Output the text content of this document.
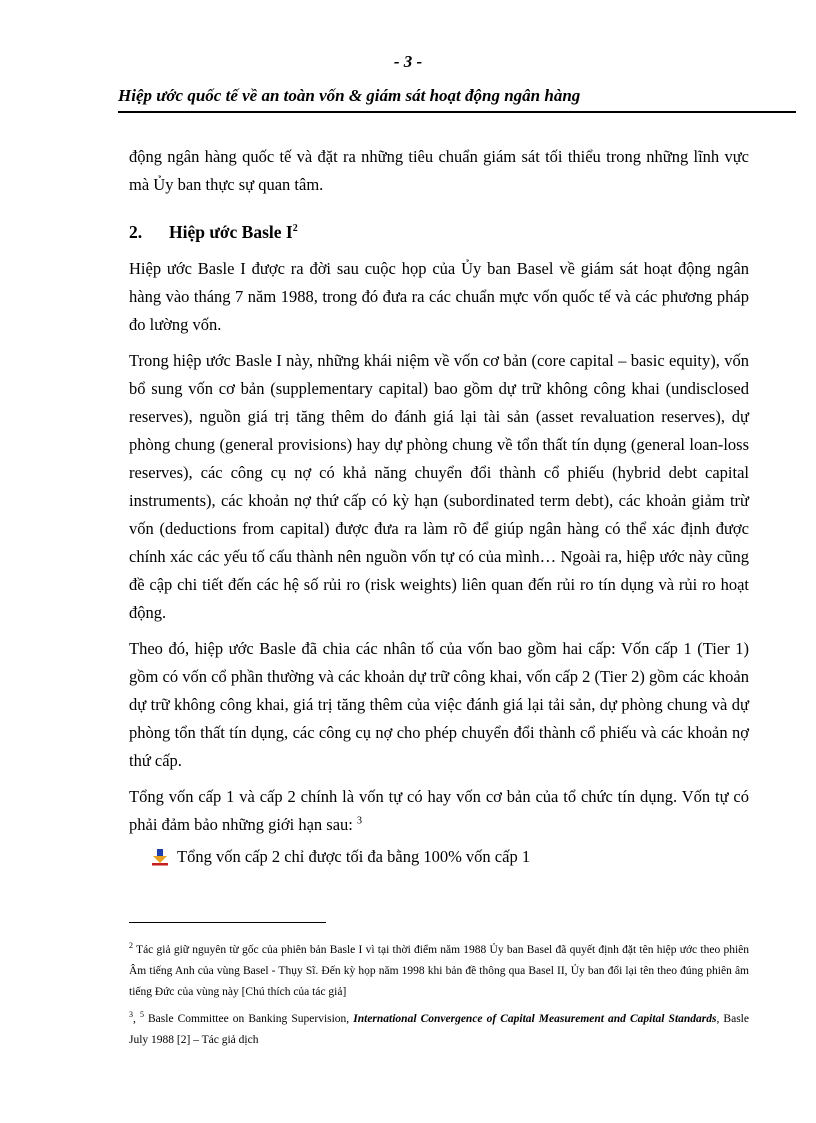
- 3 -
Hiệp ước quốc tế về an toàn vốn & giám sát hoạt động ngân hàng

động ngân hàng quốc tế và đặt ra những tiêu chuẩn giám sát tối thiểu trong những lĩnh vực mà Ủy ban thực sự quan tâm.

2. Hiệp ước Basle $I^2$

Hiệp ước Basle I được ra đời sau cuộc họp của Ủy ban Basel về giám sát hoạt động ngân hàng vào tháng 7 năm 1988, trong đó đưa ra các chuẩn mực vốn quốc tế và các phương pháp đo lường vốn.

Trong hiệp ước Basle I này, những khái niệm về vốn cơ bản (core capital – basic equity), vốn bổ sung vốn cơ bản (supplementary capital) bao gồm dự trữ không công khai (undisclosed reserves), nguồn giá trị tăng thêm do đánh giá lại tài sản (asset revaluation reserves), dự phòng chung (general provisions) hay dự phòng chung về tổn thất tín dụng (general loan-loss reserves), các công cụ nợ có khả năng chuyển đổi thành cổ phiếu (hybrid debt capital instruments), các khoản nợ thứ cấp có kỳ hạn (subordinated term debt), các khoản giảm trừ vốn (deductions from capital) được đưa ra làm rõ để giúp ngân hàng có thể xác định được chính xác các yếu tố cấu thành nên nguồn vốn tự có của mình… Ngoài ra, hiệp ước này cũng đề cập chi tiết đến các hệ số rủi ro (risk weights) liên quan đến rủi ro tín dụng và rủi ro hoạt động.

Theo đó, hiệp ước Basle đã chia các nhân tố của vốn bao gồm hai cấp: Vốn cấp 1 (Tier 1) gồm có vốn cổ phần thường và các khoản dự trữ công khai, vốn cấp 2 (Tier 2) gồm các khoản dự trữ không công khai, giá trị tăng thêm của việc đánh giá lại tải sản, dự phòng chung và dự phòng tổn thất tín dụng, các công cụ nợ cho phép chuyển đổi thành cổ phiếu và các khoản nợ thứ cấp.

Tổng vốn cấp 1 và cấp 2 chính là vốn tự có hay vốn cơ bản của tổ chức tín dụng. Vốn tự có phải đảm bảo những giới hạn sau: $^3$

Tổng vốn cấp 2 chỉ được tối đa bằng 100% vốn cấp 1

$^2$ Tác giả giữ nguyên từ gốc của phiên bản Basle I vì tại thời điểm năm 1988 Ủy ban Basel đã quyết định đặt tên hiệp ước theo phiên Âm tiếng Anh của vùng Basel - Thụy Sĩ. Đến kỳ họp năm 1998 khi bản đề thông qua Basel II, Ủy ban đổi lại tên theo đúng phiên âm tiếng Đức của vùng này [Chú thích của tác giả]

$^3$, $^5$ Basle Committee on Banking Supervision, International Convergence of Capital Measurement and Capital Standards, Basle July 1988 [2] – Tác giả dịch
